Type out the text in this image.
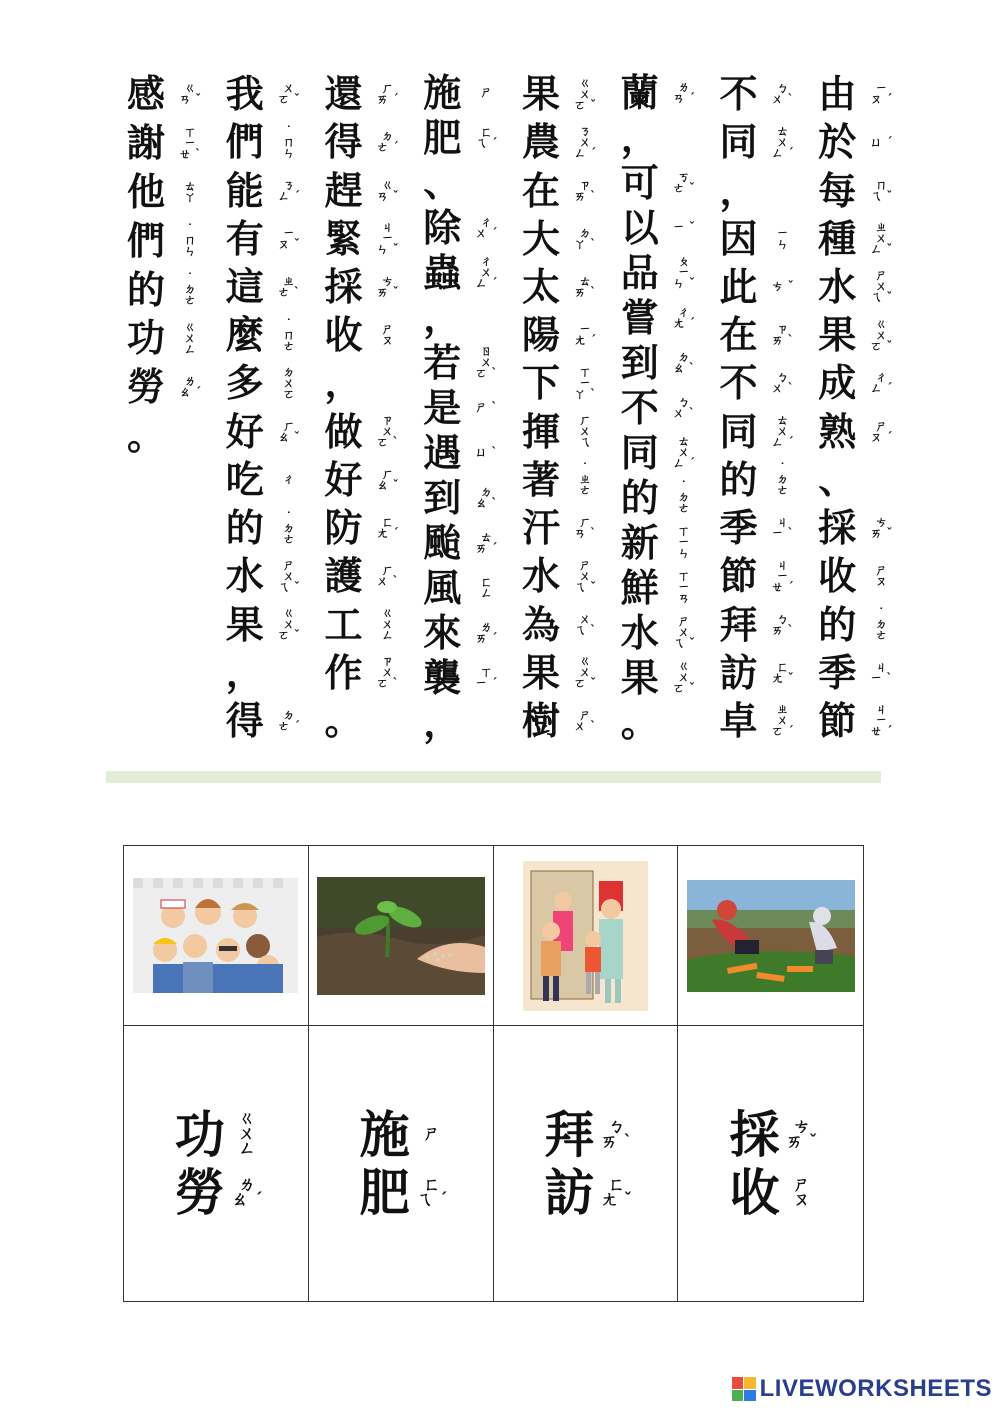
由	ㄧ
ㄡ ˊ
於	ㄩ ˊ
每	ㄇ
ㄟ ˇ
種	ㄓ
ㄨ
ㄥ ˇ
水	ㄕ
ㄨ
ㄟ ˇ
果	ㄍ
ㄨ
ㄛ ˇ
成	ㄔ
ㄥ ˊ
熟	ㄕ
ㄡ ˊ
、
採	ㄘ
ㄞ ˇ
收	ㄕ
ㄡ
的	˙
ㄉ
ㄜ
季	ㄐ
ㄧ ˋ
節	ㄐ
ㄧ
ㄝ ˊ
不	ㄅ
ㄨ ˋ
同	ㄊ
ㄨ
ㄥ ˊ
，
因	ㄧ
ㄣ
此	ㄘ ˇ
在	ㄗ
ㄞ ˋ
不	ㄅ
ㄨ ˋ
同	ㄊ
ㄨ
ㄥ ˊ
的	˙
ㄉ
ㄜ
季	ㄐ
ㄧ ˋ
節	ㄐ
ㄧ
ㄝ ˊ
拜	ㄅ
ㄞ ˋ
訪	ㄈ
ㄤ ˇ
卓	ㄓ
ㄨ
ㄛ ˊ
蘭	ㄌ
ㄢ ˊ
，
可	ㄎ
ㄜ ˇ
以	ㄧ ˇ
品	ㄆ
ㄧ
ㄣ ˇ
嘗	ㄔ
ㄤ ˊ
到	ㄉ
ㄠ ˋ
不	ㄅ
ㄨ ˋ
同	ㄊ
ㄨ
ㄥ ˊ
的	˙
ㄉ
ㄜ
新	ㄒ
ㄧ
ㄣ
鮮	ㄒ
ㄧ
ㄢ
水	ㄕ
ㄨ
ㄟ ˇ
果	ㄍ
ㄨ
ㄛ ˇ
。
果	ㄍ
ㄨ
ㄛ ˇ
農	ㄋ
ㄨ
ㄥ ˊ
在	ㄗ
ㄞ ˋ
大	ㄉ
ㄚ ˋ
太	ㄊ
ㄞ ˋ
陽	ㄧ
ㄤ ˊ
下	ㄒ
ㄧ
ㄚ ˋ
揮	ㄏ
ㄨ
ㄟ
著	˙
ㄓ
ㄜ
汗	ㄏ
ㄢ ˋ
水	ㄕ
ㄨ
ㄟ ˇ
為	ㄨ
ㄟ ˋ
果	ㄍ
ㄨ
ㄛ ˇ
樹	ㄕ
ㄨ ˋ
施	ㄕ
肥	ㄈ
ㄟ ˊ
、
除	ㄔ
ㄨ ˊ
蟲	ㄔ
ㄨ
ㄥ ˊ
，
若	ㄖ
ㄨ
ㄛ ˋ
是	ㄕ ˋ
遇	ㄩ ˋ
到	ㄉ
ㄠ ˋ
颱	ㄊ
ㄞ ˊ
風	ㄈ
ㄥ
來	ㄌ
ㄞ ˊ
襲	ㄒ
ㄧ ˊ
，
還	ㄏ
ㄞ ˊ
得	ㄉ
ㄜ ˊ
趕	ㄍ
ㄢ ˇ
緊	ㄐ
ㄧ
ㄣ ˇ
採	ㄘ
ㄞ ˇ
收	ㄕ
ㄡ
，
做	ㄗ
ㄨ
ㄛ ˋ
好	ㄏ
ㄠ ˇ
防	ㄈ
ㄤ ˊ
護	ㄏ
ㄨ ˋ
工	ㄍ
ㄨ
ㄥ
作	ㄗ
ㄨ
ㄛ ˋ
。
我	ㄨ
ㄛ ˇ
們	˙
ㄇ
ㄣ
能	ㄋ
ㄥ ˊ
有	ㄧ
ㄡ ˇ
這	ㄓ
ㄜ ˋ
麼	˙
ㄇ
ㄜ
多	ㄉ
ㄨ
ㄛ
好	ㄏ
ㄠ ˇ
吃	ㄔ
的	˙
ㄉ
ㄜ
水	ㄕ
ㄨ
ㄟ ˇ
果	ㄍ
ㄨ
ㄛ ˇ
，
得	ㄉ
ㄜ ˊ
感	ㄍ
ㄢ ˇ
謝	ㄒ
ㄧ
ㄝ ˋ
他	ㄊ
ㄚ
們	˙
ㄇ
ㄣ
的	˙
ㄉ
ㄜ
功	ㄍ
ㄨ
ㄥ
勞	ㄌ
ㄠ ˊ
。
功 ㄍ
ㄨ
ㄥ
勞 ㄌ
ㄠ ˊ
施 ㄕ
肥 ㄈ
ㄟ ˊ
拜 ㄅ
ㄞ ˋ
訪 ㄈ
ㄤ ˇ
採 ㄘ
ㄞ ˇ
收 ㄕ
ㄡ
LIVEWORKSHEETS
